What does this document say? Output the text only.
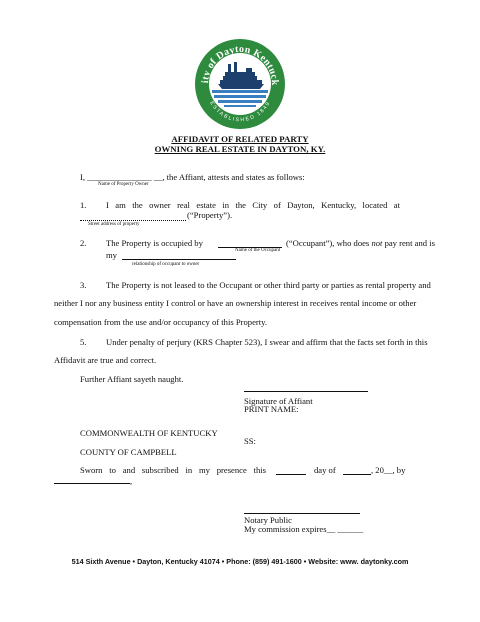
ity of Dayton Kentuck
ESTABLISHED 1849
AFFIDAVIT OF RELATED PARTY
OWNING REAL ESTATE IN DAYTON, KY.
I, _______________ __, the Affiant, attests and states as follows:
Name of Property Owner
1. I am the owner real estate in the City of Dayton, Kentucky, located at
(“Property”).
Street address of property
2. The Property is occupied by	(“Occupant”), who does not pay rent and is
Name of the Occupant
my
relationship of occupant to owner
3. The Property is not leased to the Occupant or other third party or parties as rental property and
neither I nor any business entity I control or have an ownership interest in receives rental income or other
compensation from the use and/or occupancy of this Property.
5. Under penalty of perjury (KRS Chapter 523), I swear and affirm that the facts set forth in this
Affidavit are true and correct.
Further Affiant sayeth naught.
Signature of Affiant
PRINT NAME:
COMMONWEALTH OF KENTUCKY
SS:
COUNTY OF CAMPBELL
Sworn to and subscribed in my presence this	day of	, 20__, by
,
Notary Public
My commission expires__ ______
514 Sixth Avenue • Dayton, Kentucky 41074 • Phone: (859) 491-1600 • Website: www. daytonky.com
